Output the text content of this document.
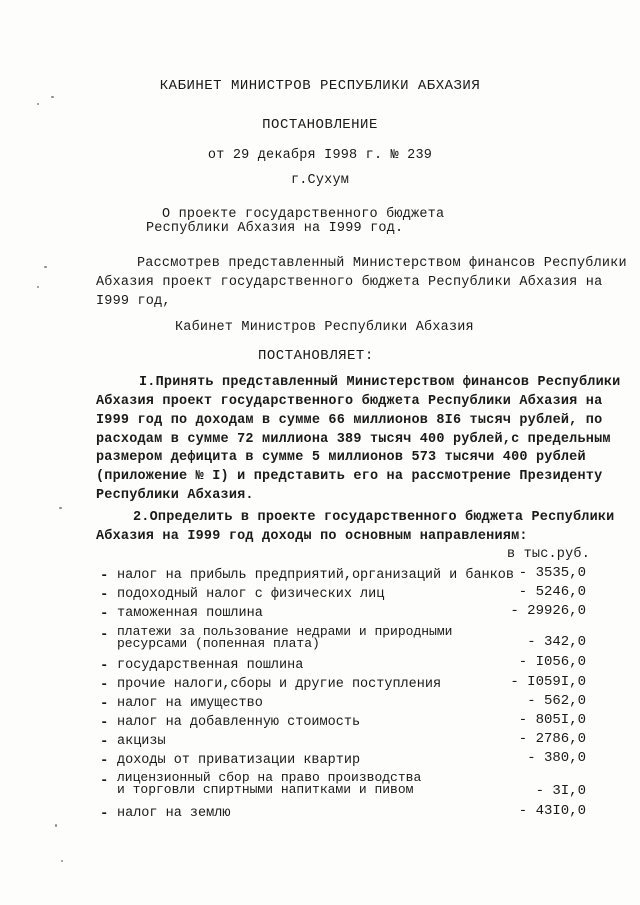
КАБИНЕТ МИНИСТРОВ РЕСПУБЛИКИ АБХАЗИЯ
ПОСТАНОВЛЕНИЕ
от 29 декабря I998 г. № 239
г.Сухум
О проекте государственного бюджета
Республики Абхазия на I999 год.
Рассмотрев представленный Министерством финансов Республики
Абхазия проект государственного бюджета Республики Абхазия на
I999 год,
Кабинет Министров Республики Абхазия
ПОСТАНОВЛЯЕТ:
I.Принять представленный Министерством финансов Республики
Абхазия проект государственного бюджета Республики Абхазия на
I999 год по доходам в сумме 66 миллионов 8I6 тысяч рублей, по
расходам в сумме 72 миллиона 389 тысяч 400 рублей,с предельным
размером дефицита в сумме 5 миллионов 573 тысячи 400 рублей
(приложение № I) и представить его на рассмотрение Президенту
Республики Абхазия.
2.Определить в проекте государственного бюджета Республики
Абхазия на I999 год доходы по основным направлениям:
в тыс.руб.
- налог на прибыль предприятий,организаций и банков - 3535,0
- подоходный налог с физических лиц	- 5246,0
- таможенная пошлина	- 29926,0
- платежи за пользование недрами и природными
ресурсами (попенная плата)	- 342,0
- государственная пошлина	- I056,0
- прочие налоги,сборы и другие поступления	- I059I,0
- налог на имущество	- 562,0
- налог на добавленную стоимость	- 805I,0
- акцизы	- 2786,0
- доходы от приватизации квартир	- 380,0
- лицензионный сбор на право производства
и торговли спиртными напитками и пивом	- 3I,0
- налог на землю	- 43I0,0
